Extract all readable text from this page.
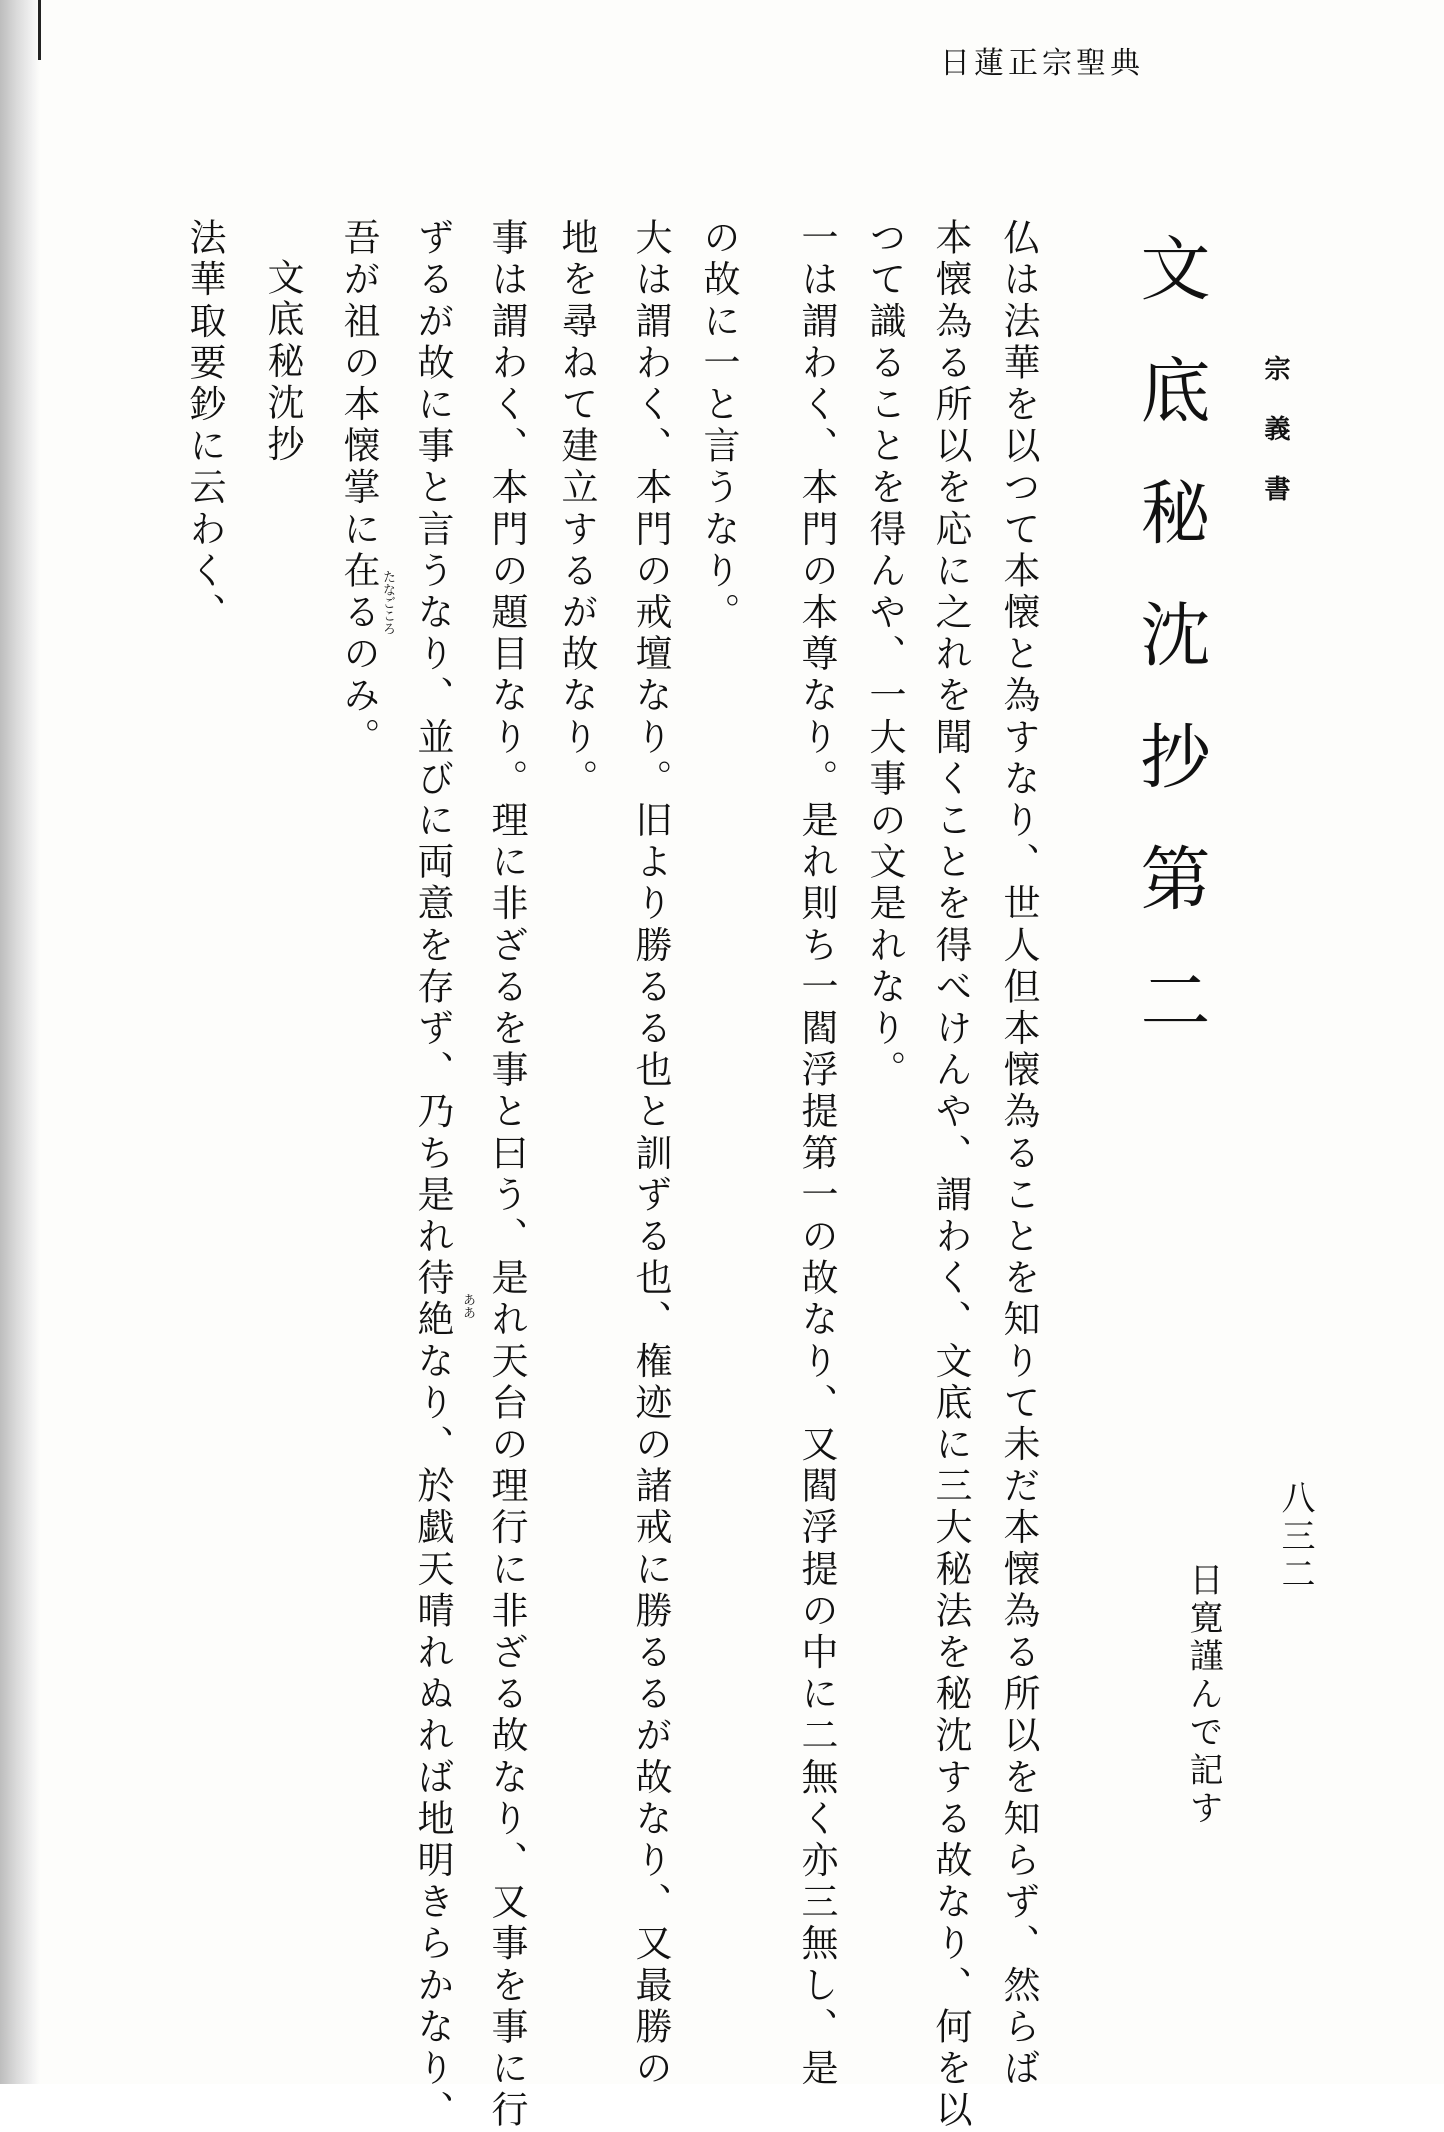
日蓮正宗聖典
宗義書
八三二
文底秘沈抄第二
仏は法華を以つて本懐と為すなり、世人但本懐為ることを知りて未だ本懐為る所以を知らず、然らば
本懐為る所以を応に之れを聞くことを得べけんや、謂わく、文底に三大秘法を秘沈する故なり、何を以
つて識ることを得んや、一大事の文是れなり。
一は謂わく、本門の本尊なり。是れ則ち一閻浮提第一の故なり、又閻浮提の中に二無く亦三無し、是
の故に一と言うなり。
大は謂わく、本門の戒壇なり。旧より勝るる也と訓ずる也、権迹の諸戒に勝るるが故なり、又最勝の
地を尋ねて建立するが故なり。
事は謂わく、本門の題目なり。理に非ざるを事と曰う、是れ天台の理行に非ざる故なり、又事を事に行
ずるが故に事と言うなり、並びに両意を存ず、乃ち是れ待絶なり、於戯天晴れぬれば地明きらかなり、
吾が祖の本懐掌に在るのみ。
文底秘沈抄
法華取要鈔に云わく、
日寛謹んで記す
たなごころ
ああ
